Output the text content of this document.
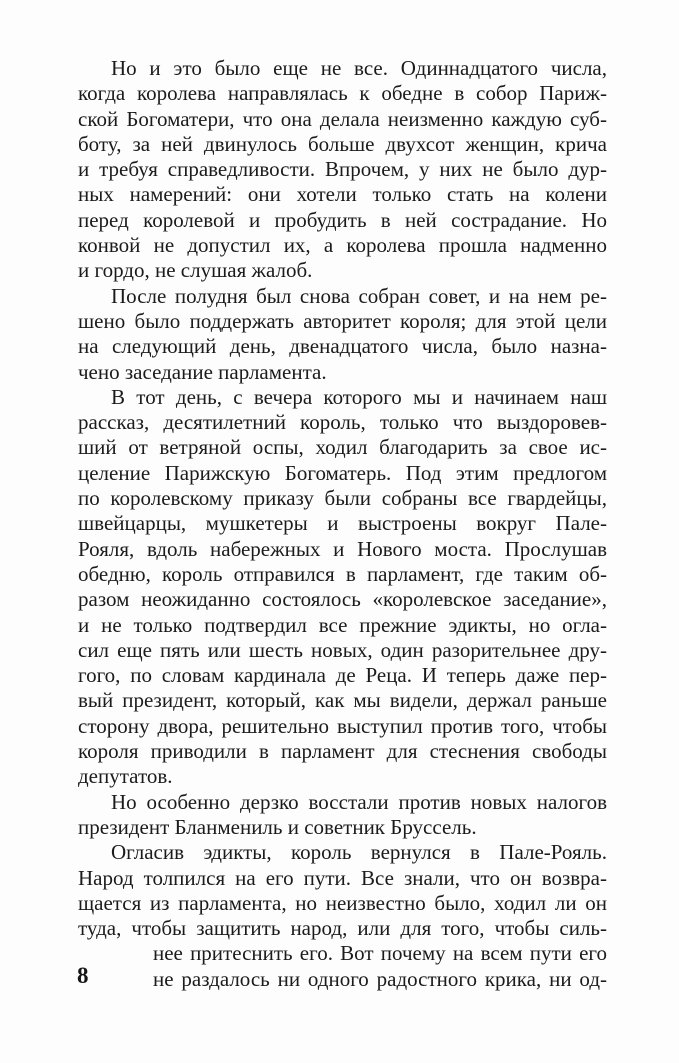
Но и это было еще не все. Одиннадцатого числа,
когда королева направлялась к обедне в собор Париж-
ской Богоматери, что она делала неизменно каждую суб-
боту, за ней двинулось больше двухсот женщин, крича
и требуя справедливости. Впрочем, у них не было дур-
ных намерений: они хотели только стать на колени
перед королевой и пробудить в ней сострадание. Но
конвой не допустил их, а королева прошла надменно
и гордо, не слушая жалоб.
После полудня был снова собран совет, и на нем ре-
шено было поддержать авторитет короля; для этой цели
на следующий день, двенадцатого числа, было назна-
чено заседание парламента.
В тот день, с вечера которого мы и начинаем наш
рассказ, десятилетний король, только что выздоровев-
ший от ветряной оспы, ходил благодарить за свое ис-
целение Парижскую Богоматерь. Под этим предлогом
по королевскому приказу были собраны все гвардейцы,
швейцарцы, мушкетеры и выстроены вокруг Пале-
Рояля, вдоль набережных и Нового моста. Прослушав
обедню, король отправился в парламент, где таким об-
разом неожиданно состоялось «королевское заседание»,
и не только подтвердил все прежние эдикты, но огла-
сил еще пять или шесть новых, один разорительнее дру-
гого, по словам кардинала де Реца. И теперь даже пер-
вый президент, который, как мы видели, держал раньше
сторону двора, решительно выступил против того, чтобы
короля приводили в парламент для стеснения свободы
депутатов.
Но особенно дерзко восстали против новых налогов
президент Бланмениль и советник Бруссель.
Огласив эдикты, король вернулся в Пале-Рояль.
Народ толпился на его пути. Все знали, что он возвра-
щается из парламента, но неизвестно было, ходил ли он
туда, чтобы защитить народ, или для того, чтобы силь-
нее притеснить его. Вот почему на всем пути его
не раздалось ни одного радостного крика, ни од-
8
